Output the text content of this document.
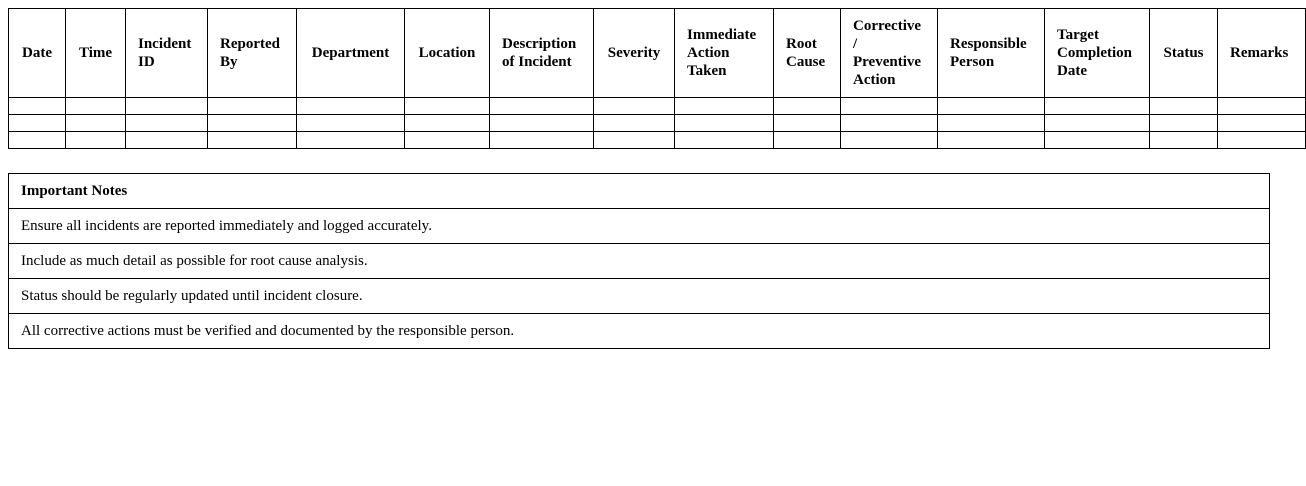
Date	Time	Incident ID	Reported By	Department	Location	Description of Incident	Severity	Immediate Action Taken	Root Cause	Corrective / Preventive Action	Responsible Person	Target Completion Date	Status	Remarks

Important Notes
Ensure all incidents are reported immediately and logged accurately.
Include as much detail as possible for root cause analysis.
Status should be regularly updated until incident closure.
All corrective actions must be verified and documented by the responsible person.
